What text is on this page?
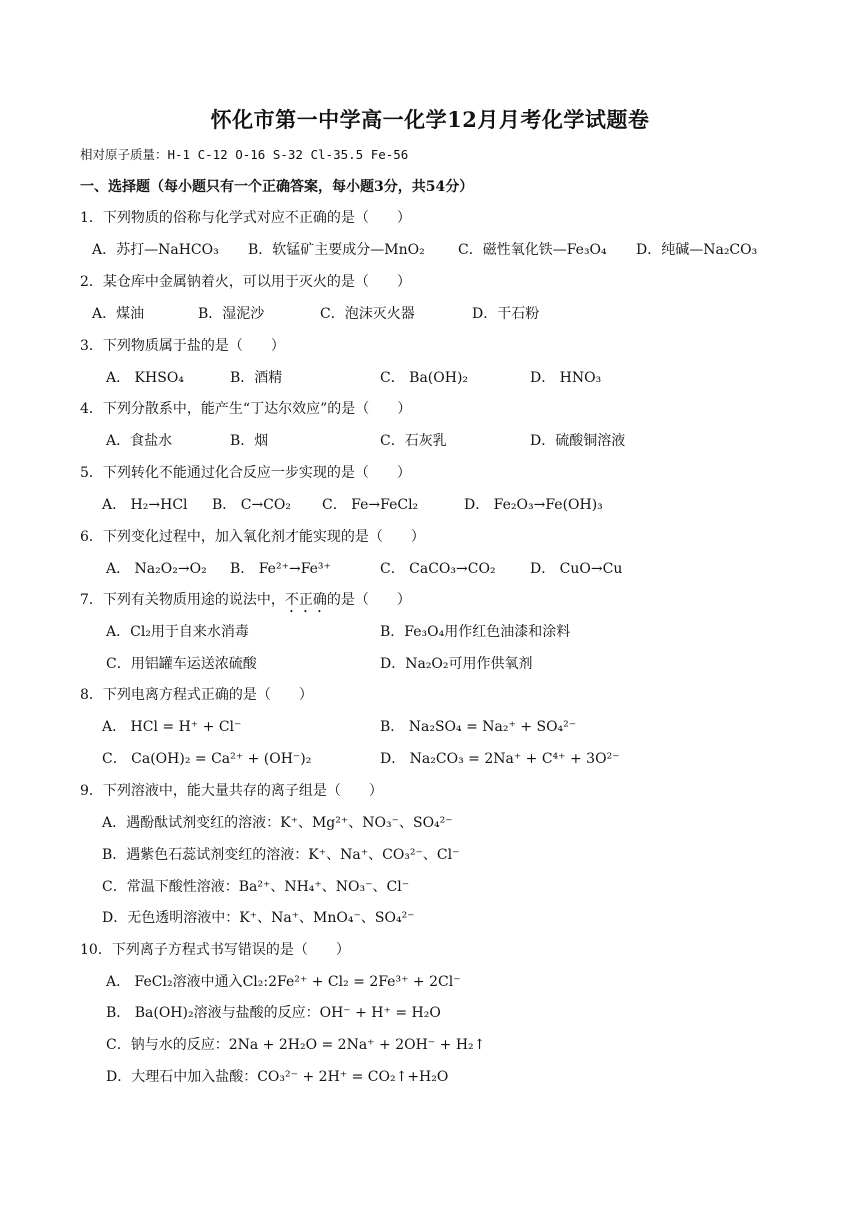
怀化市第一中学高一化学12月月考化学试题卷
相对原子质量：H-1 C-12 O-16 S-32 Cl-35.5 Fe-56
一、选择题（每小题只有一个正确答案，每小题3分，共54分）
1．下列物质的俗称与化学式对应不正确的是（　　）
A．苏打—NaHCO₃ B．软锰矿主要成分—MnO₂ C．磁性氧化铁—Fe₃O₄ D．纯碱—Na₂CO₃
2．某仓库中金属钠着火，可以用于灭火的是（　　）
A．煤油	B．湿泥沙	C．泡沫灭火器	D．干石粉
3．下列物质属于盐的是（　　）
A． KHSO₄	B．酒精	C． Ba(OH)₂	D． HNO₃
4．下列分散系中，能产生“丁达尔效应”的是（　　）
A．食盐水	B．烟	C．石灰乳	D．硫酸铜溶液
5．下列转化不能通过化合反应一步实现的是（　　）
A． H₂→HCl B． C→CO₂ C． Fe→FeCl₂	D． Fe₂O₃→Fe(OH)₃
6．下列变化过程中，加入氧化剂才能实现的是（　　）
A． Na₂O₂→O₂ B． Fe²⁺→Fe³⁺	C． CaCO₃→CO₂ D． CuO→Cu
7．下列有关物质用途的说法中，不正确的是（　　）
A．Cl₂用于自来水消毒	B．Fe₃O₄用作红色油漆和涂料
C．用铝罐车运送浓硫酸	D．Na₂O₂可用作供氧剂
8．下列电离方程式正确的是（　　）
A． HCl = H⁺ + Cl⁻	B． Na₂SO₄ = Na₂⁺ + SO₄²⁻
C． Ca(OH)₂ = Ca²⁺ + (OH⁻)₂	D． Na₂CO₃ = 2Na⁺ + C⁴⁺ + 3O²⁻
9．下列溶液中，能大量共存的离子组是（　　）
A．遇酚酞试剂变红的溶液：K⁺、Mg²⁺、NO₃⁻、SO₄²⁻
B．遇紫色石蕊试剂变红的溶液：K⁺、Na⁺、CO₃²⁻、Cl⁻
C．常温下酸性溶液：Ba²⁺、NH₄⁺、NO₃⁻、Cl⁻
D．无色透明溶液中：K⁺、Na⁺、MnO₄⁻、SO₄²⁻
10．下列离子方程式书写错误的是（　　）
A． FeCl₂溶液中通入Cl₂:2Fe²⁺ + Cl₂ = 2Fe³⁺ + 2Cl⁻
B． Ba(OH)₂溶液与盐酸的反应：OH⁻ + H⁺ = H₂O
C．钠与水的反应：2Na + 2H₂O = 2Na⁺ + 2OH⁻ + H₂↑
D．大理石中加入盐酸：CO₃²⁻ + 2H⁺ = CO₂↑+H₂O
